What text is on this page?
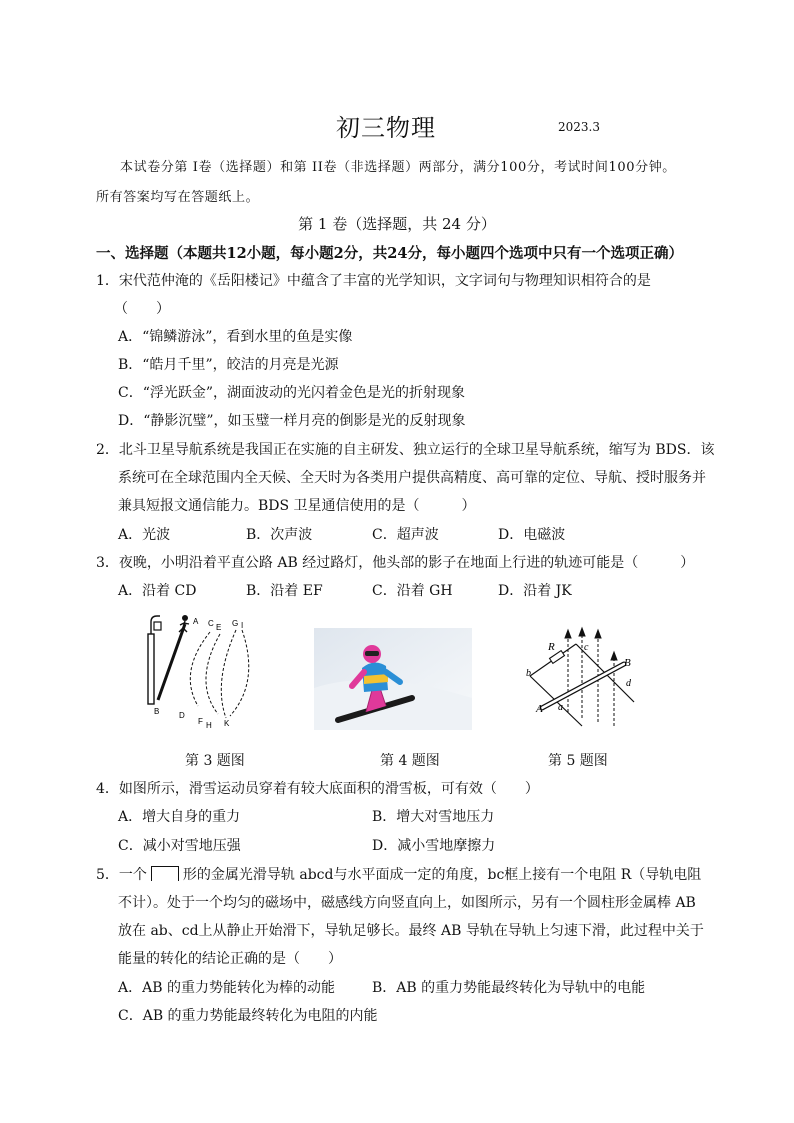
初三物理	2023.3
本试卷分第 I卷（选择题）和第 II卷（非选择题）两部分，满分100分，考试时间100分钟。
所有答案均写在答题纸上。
第 1 卷（选择题，共 24 分）
一、选择题（本题共12小题，每小题2分，共24分，每小题四个选项中只有一个选项正确）
1．宋代范仲淹的《岳阳楼记》中蕴含了丰富的光学知识，文字词句与物理知识相符合的是
（　　）
A．“锦鳞游泳”，看到水里的鱼是实像
B．“皓月千里”，皎洁的月亮是光源
C．“浮光跃金”，湖面波动的光闪着金色是光的折射现象
D．“静影沉璧”，如玉璧一样月亮的倒影是光的反射现象
2．北斗卫星导航系统是我国正在实施的自主研发、独立运行的全球卫星导航系统，缩写为 BDS．该
系统可在全球范围内全天候、全天时为各类用户提供高精度、高可靠的定位、导航、授时服务并
兼具短报文通信能力。BDS 卫星通信使用的是（　　　）
A．光波	B．次声波	C．超声波	D．电磁波
3．夜晚，小明沿着平直公路 AB 经过路灯，他头部的影子在地面上行进的轨迹可能是（　　　）
A．沿着 CD	B．沿着 EF	C．沿着 GH	D．沿着 JK
A C E G I
B D
F H K
R	c
B
b
d
A a
第 3 题图	第 4 题图	第 5 题图
4．如图所示，滑雪运动员穿着有较大底面积的滑雪板，可有效（　　）
A．增大自身的重力	B．增大对雪地压力
C．减小对雪地压强	D．减小雪地摩擦力
5．一个	形的金属光滑导轨 abcd与水平面成一定的角度，bc框上接有一个电阻 R（导轨电阻
不计）。处于一个均匀的磁场中，磁感线方向竖直向上，如图所示，另有一个圆柱形金属棒 AB
放在 ab、cd上从静止开始滑下，导轨足够长。最终 AB 导轨在导轨上匀速下滑，此过程中关于
能量的转化的结论正确的是（　　）
A．AB 的重力势能转化为棒的动能	B．AB 的重力势能最终转化为导轨中的电能
C．AB 的重力势能最终转化为电阻的内能
